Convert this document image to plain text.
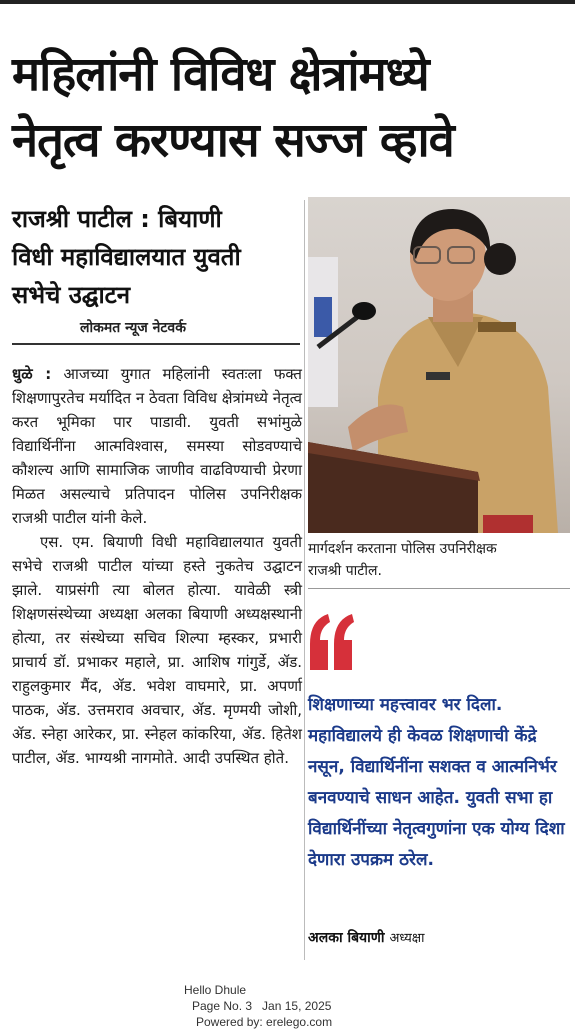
महिलांनी विविध क्षेत्रांमध्ये
नेतृत्व करण्यास सज्ज व्हावे
राजश्री पाटील : बियाणी
विधी महाविद्यालयात युवती
सभेचे उद्घाटन
लोकमत न्यूज नेटवर्क

धुळे : आजच्या युगात महिलांनी स्वतःला फक्त शिक्षणापुरतेच मर्यादित न ठेवता विविध क्षेत्रांमध्ये नेतृत्व करत भूमिका पार पाडावी. युवती सभांमुळे विद्यार्थिनींना आत्मविश्वास, समस्या सोडवण्याचे कौशल्य आणि सामाजिक जाणीव वाढविण्याची प्रेरणा मिळत असल्याचे प्रतिपादन पोलिस उपनिरीक्षक राजश्री पाटील यांनी केले.

एस. एम. बियाणी विधी महाविद्यालयात युवती सभेचे राजश्री पाटील यांच्या हस्ते नुकतेच उद्घाटन झाले. याप्रसंगी त्या बोलत होत्या. यावेळी स्त्री शिक्षणसंस्थेच्या अध्यक्षा अलका बियाणी अध्यक्षस्थानी होत्या, तर संस्थेच्या सचिव शिल्पा म्हस्कर, प्रभारी प्राचार्य डॉ. प्रभाकर महाले, प्रा. आशिष गांगुर्डे, ॲड. राहुलकुमार मैंद, ॲड. भवेश वाघमारे, प्रा. अपर्णा पाठक, ॲड. उत्तमराव अवचार, ॲड. मृण्मयी जोशी, ॲड. स्नेहा आरेकर, प्रा. स्नेहल कांकरिया, ॲड. हितेश पाटील, ॲड. भाग्यश्री नागमोते. आदी उपस्थित होते.

मार्गदर्शन करताना पोलिस उपनिरीक्षक
राजश्री पाटील.
शिक्षणाच्या महत्त्वावर भर दिला. महाविद्यालये ही केवळ शिक्षणाची केंद्रे नसून, विद्यार्थिनींना सशक्त व आत्मनिर्भर बनवण्याचे साधन आहेत. युवती सभा हा विद्यार्थिनींच्या नेतृत्वगुणांना एक योग्य दिशा देणारा उपक्रम ठरेल.
अलका बियाणी अध्यक्षा
Hello Dhule
Page No. 3 Jan 15, 2025
Powered by: erelego.com
